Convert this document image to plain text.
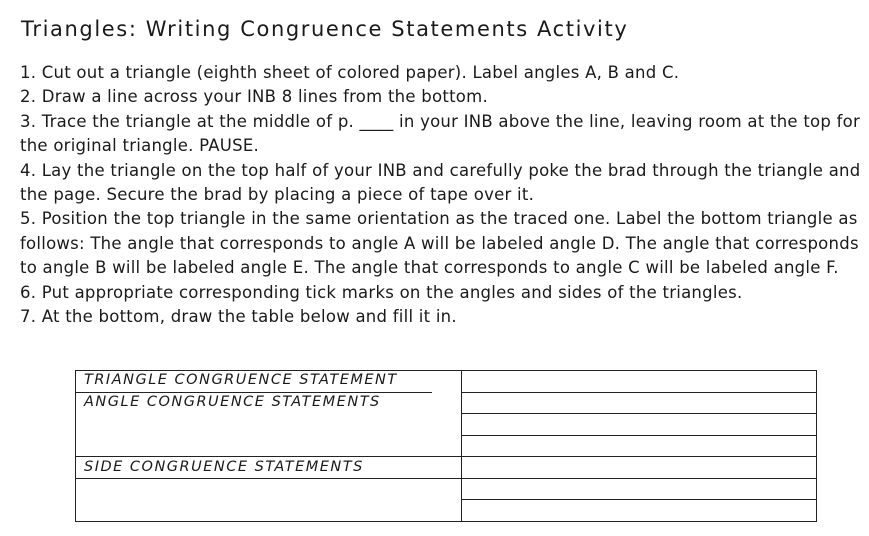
Triangles: Writing Congruence Statements Activity
1. Cut out a triangle (eighth sheet of colored paper). Label angles A, B and C.
2. Draw a line across your INB 8 lines from the bottom.
3. Trace the triangle at the middle of p. ____ in your INB above the line, leaving room at the top for the original triangle. PAUSE.
4. Lay the triangle on the top half of your INB and carefully poke the brad through the triangle and the page. Secure the brad by placing a piece of tape over it.
5. Position the top triangle in the same orientation as the traced one. Label the bottom triangle as follows: The angle that corresponds to angle A will be labeled angle D. The angle that corresponds to angle B will be labeled angle E. The angle that corresponds to angle C will be labeled angle F.
6. Put appropriate corresponding tick marks on the angles and sides of the triangles.
7. At the bottom, draw the table below and fill it in.
TRIANGLE CONGRUENCE STATEMENT
ANGLE CONGRUENCE STATEMENTS
SIDE CONGRUENCE STATEMENTS
